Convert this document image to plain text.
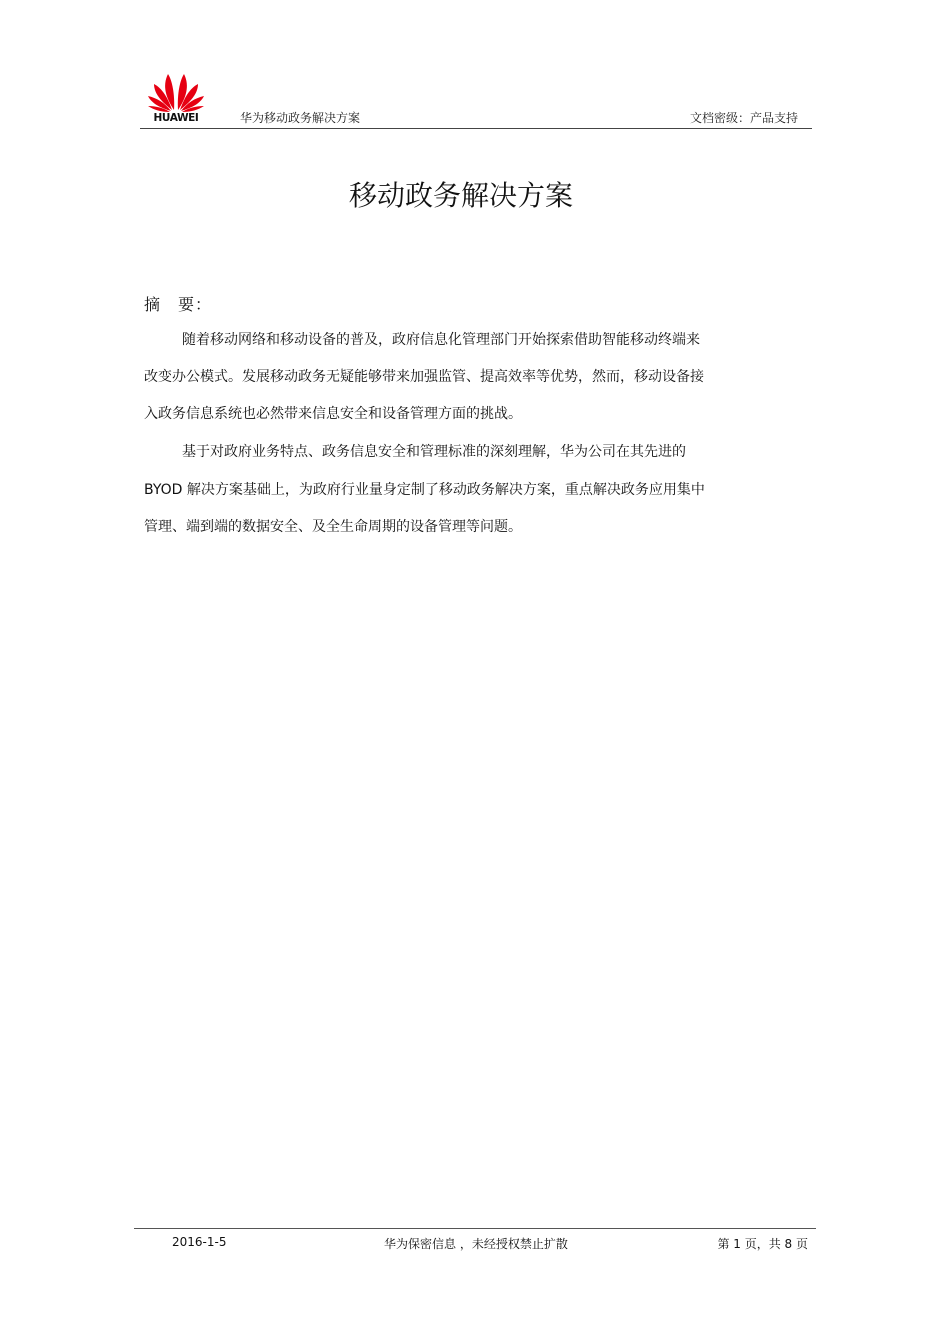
HUAWEI	华为移动政务解决方案	文档密级：产品支持
移动政务解决方案
摘　要：
随着移动网络和移动设备的普及，政府信息化管理部门开始探索借助智能移动终端来
改变办公模式。发展移动政务无疑能够带来加强监管、提高效率等优势，然而，移动设备接
入政务信息系统也必然带来信息安全和设备管理方面的挑战。
基于对政府业务特点、政务信息安全和管理标准的深刻理解，华为公司在其先进的
BYOD 解决方案基础上，为政府行业量身定制了移动政务解决方案，重点解决政务应用集中
管理、端到端的数据安全、及全生命周期的设备管理等问题。
2016-1-5	华为保密信息 ，未经授权禁止扩散	第 1 页，共 8 页
